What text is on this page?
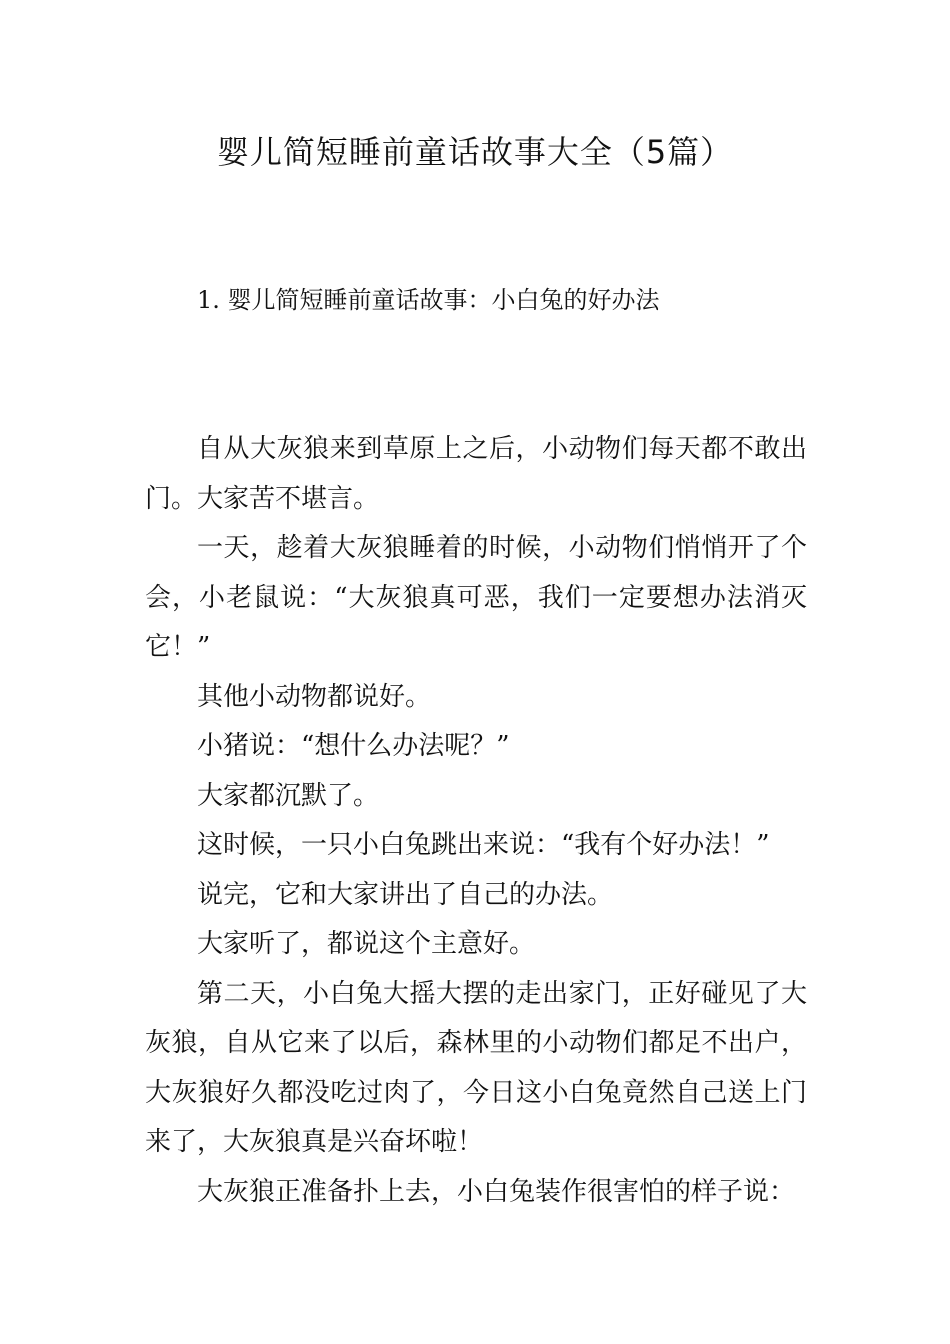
婴儿简短睡前童话故事大全（5篇）
1. 婴儿简短睡前童话故事：小白兔的好办法

自从大灰狼来到草原上之后，小动物们每天都不敢出门。大家苦不堪言。

一天，趁着大灰狼睡着的时候，小动物们悄悄开了个会，小老鼠说：“大灰狼真可恶，我们一定要想办法消灭它！”

其他小动物都说好。

小猪说：“想什么办法呢？”

大家都沉默了。

这时候，一只小白兔跳出来说：“我有个好办法！”

说完，它和大家讲出了自己的办法。

大家听了，都说这个主意好。

第二天，小白兔大摇大摆的走出家门，正好碰见了大灰狼，自从它来了以后，森林里的小动物们都足不出户，大灰狼好久都没吃过肉了，今日这小白兔竟然自己送上门来了，大灰狼真是兴奋坏啦！

大灰狼正准备扑上去，小白兔装作很害怕的样子说：
